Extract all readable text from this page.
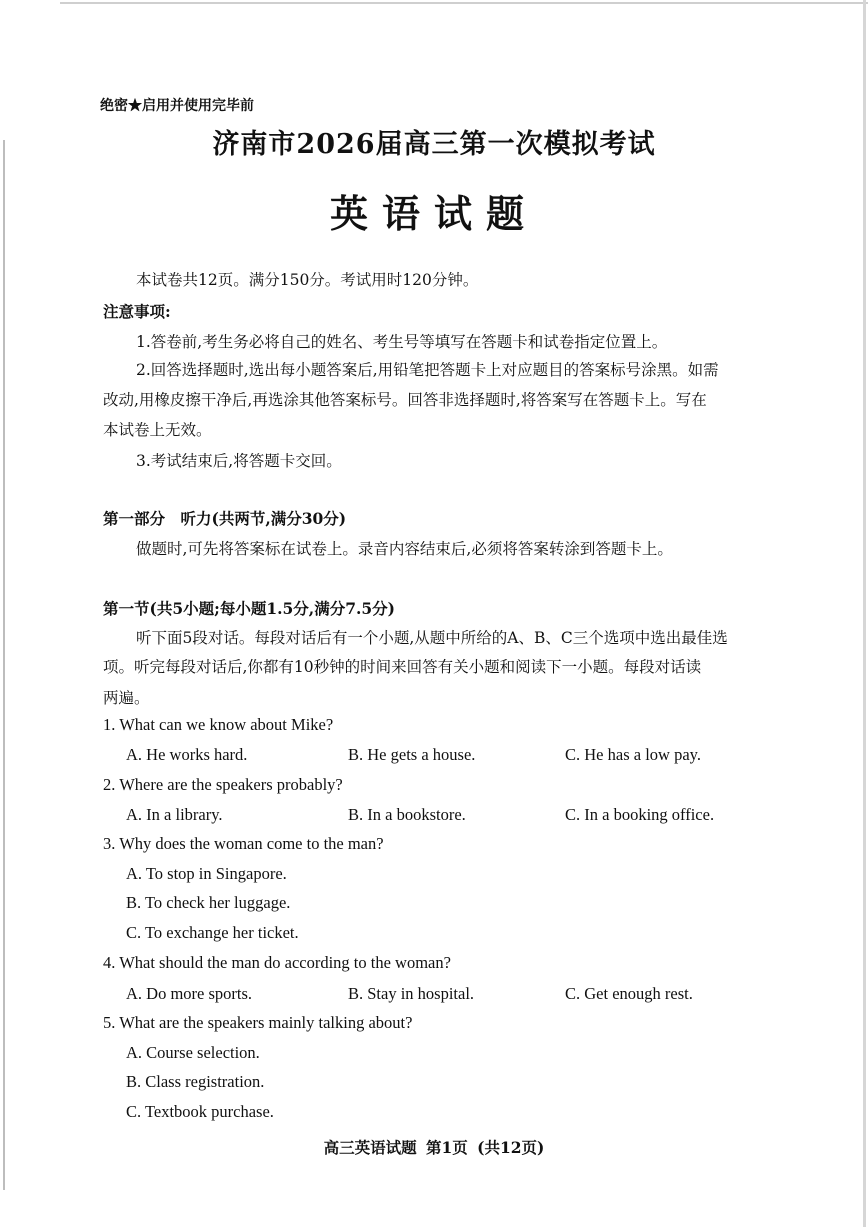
绝密★启用并使用完毕前
济南市2026届高三第一次模拟考试
英语试题
本试卷共12页。满分150分。考试用时120分钟。
注意事项:
1.答卷前,考生务必将自己的姓名、考生号等填写在答题卡和试卷指定位置上。
2.回答选择题时,选出每小题答案后,用铅笔把答题卡上对应题目的答案标号涂黑。如需
改动,用橡皮擦干净后,再选涂其他答案标号。回答非选择题时,将答案写在答题卡上。写在
本试卷上无效。
3.考试结束后,将答题卡交回。
第一部分　听力(共两节,满分30分)
做题时,可先将答案标在试卷上。录音内容结束后,必须将答案转涂到答题卡上。
第一节(共5小题;每小题1.5分,满分7.5分)
听下面5段对话。每段对话后有一个小题,从题中所给的A、B、C三个选项中选出最佳选
项。听完每段对话后,你都有10秒钟的时间来回答有关小题和阅读下一小题。每段对话读
两遍。
1. What can we know about Mike?
A. He works hard.	B. He gets a house.	C. He has a low pay.
2. Where are the speakers probably?
A. In a library.	B. In a bookstore.	C. In a booking office.
3. Why does the woman come to the man?
A. To stop in Singapore.
B. To check her luggage.
C. To exchange her ticket.
4. What should the man do according to the woman?
A. Do more sports.	B. Stay in hospital.	C. Get enough rest.
5. What are the speakers mainly talking about?
A. Course selection.
B. Class registration.
C. Textbook purchase.
高三英语试题 第1页 (共12页)
